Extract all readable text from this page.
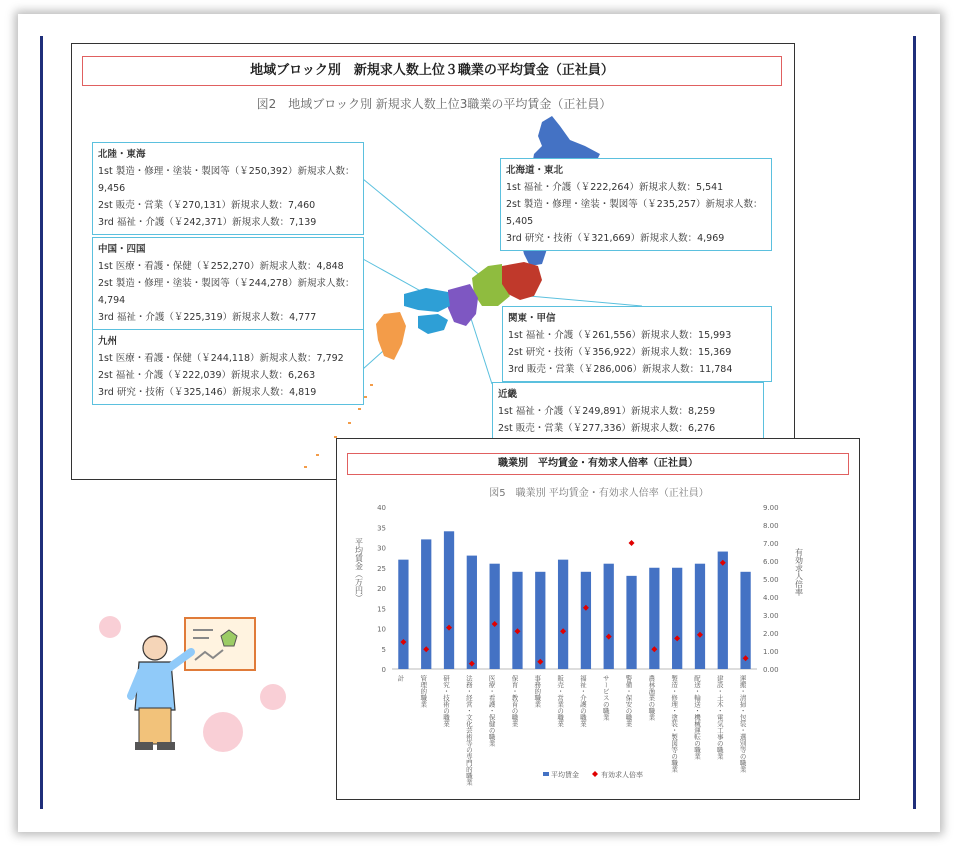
地域ブロック別　新規求人数上位３職業の平均賃金（正社員）
図2　地域ブロック別 新規求人数上位3職業の平均賃金（正社員）
北陸・東海
1st 製造・修理・塗装・製図等（￥250,392）新規求人数：9,456
2st 販売・営業（￥270,131）新規求人数：7,460
3rd 福祉・介護（￥242,371）新規求人数：7,139
北海道・東北
1st 福祉・介護（￥222,264）新規求人数：5,541
2st 製造・修理・塗装・製図等（￥235,257）新規求人数：5,405
3rd 研究・技術（￥321,669）新規求人数：4,969
中国・四国
1st 医療・看護・保健（￥252,270）新規求人数：4,848
2st 製造・修理・塗装・製図等（￥244,278）新規求人数：4,794
3rd 福祉・介護（￥225,319）新規求人数：4,777	関東・甲信
1st 福祉・介護（￥261,556）新規求人数：15,993
2st 研究・技術（￥356,922）新規求人数：15,369
3rd 販売・営業（￥286,006）新規求人数：11,784
九州
1st 医療・看護・保健（￥244,118）新規求人数：7,792
2st 福祉・介護（￥222,039）新規求人数：6,263
3rd 研究・技術（￥325,146）新規求人数：4,819	近畿
1st 福祉・介護（￥249,891）新規求人数：8,259
2st 販売・営業（￥277,336）新規求人数：6,276
職業別　平均賃金・有効求人倍率（正社員）
図5　職業別 平均賃金・有効求人倍率（正社員）
0
5
10
15
20
25
30
35
40
0.00
1.00
2.00
3.00
4.00
5.00
6.00
7.00
8.00
9.00
平均賃金（万円）	有効求人倍率
計 管理的職業 研究・技術の職業 法務・経営・文化芸術等の専門的職業 医療・看護・保健の職業 保育・教育の職業 事務的職業 販売・営業の職業 福祉・介護の職業 サービスの職業 警備・保安の職業 農林漁業の職業 製造・修理・塗装・製図等の職業 配送・輸送・機械運転の職業 建設・土木・電気工事の職業 運搬・清掃・包装・選別等の職業
平均賃金	有効求人倍率
